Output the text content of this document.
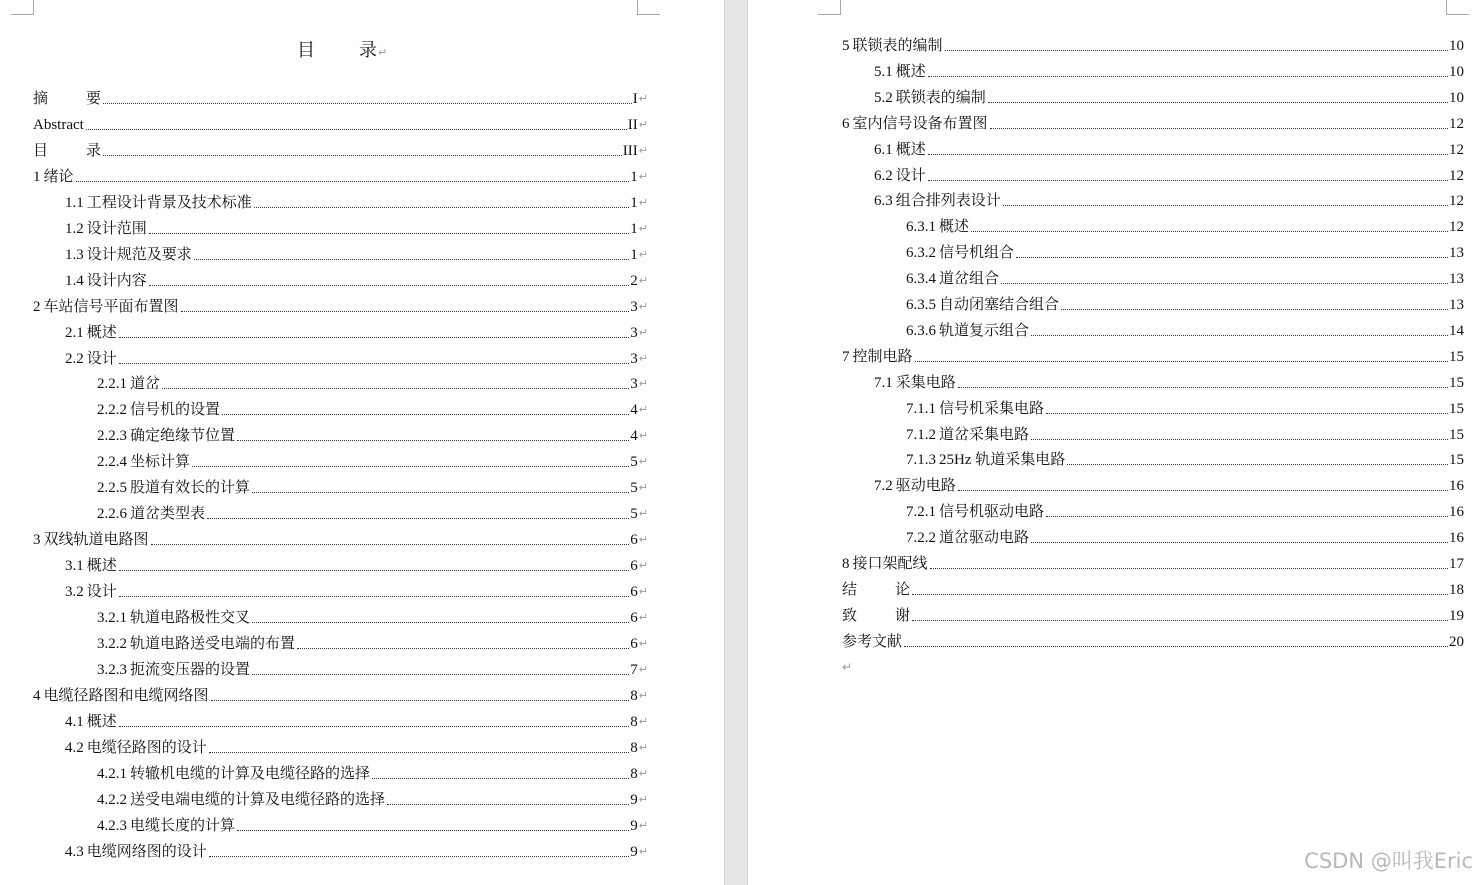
目 录↵
摘	要	I ↵
Abstract	II ↵
目	录	III ↵
1 绪论	1 ↵
1.1 工程设计背景及技术标准	1 ↵
1.2 设计范围	1 ↵
1.3 设计规范及要求	1 ↵
1.4 设计内容	2 ↵
2 车站信号平面布置图	3 ↵
2.1 概述	3 ↵
2.2 设计	3 ↵
2.2.1 道岔	3 ↵
2.2.2 信号机的设置	4 ↵
2.2.3 确定绝缘节位置	4 ↵
2.2.4 坐标计算	5 ↵
2.2.5 股道有效长的计算	5 ↵
2.2.6 道岔类型表	5 ↵
3 双线轨道电路图	6 ↵
3.1 概述	6 ↵
3.2 设计	6 ↵
3.2.1 轨道电路极性交叉	6 ↵
3.2.2 轨道电路送受电端的布置	6 ↵
3.2.3 扼流变压器的设置	7 ↵
4 电缆径路图和电缆网络图	8 ↵
4.1 概述	8 ↵
4.2 电缆径路图的设计	8 ↵
4.2.1 转辙机电缆的计算及电缆径路的选择	8 ↵
4.2.2 送受电端电缆的计算及电缆径路的选择	9 ↵
4.2.3 电缆长度的计算	9 ↵
4.3 电缆网络图的设计	9 ↵
5 联锁表的编制	10
5.1 概述	10
5.2 联锁表的编制	10
6 室内信号设备布置图	12
6.1 概述	12
6.2 设计	12
6.3 组合排列表设计	12
6.3.1 概述	12
6.3.2 信号机组合	13
6.3.4 道岔组合	13
6.3.5 自动闭塞结合组合	13
6.3.6 轨道复示组合	14
7 控制电路	15
7.1 采集电路	15
7.1.1 信号机采集电路	15
7.1.2 道岔采集电路	15
7.1.3 25Hz 轨道采集电路	15
7.2 驱动电路	16
7.2.1 信号机驱动电路	16
7.2.2 道岔驱动电路	16
8 接口架配线	17
结	论	18
致	谢	19
参考文献	20
↵
CSDN @叫我Eric
